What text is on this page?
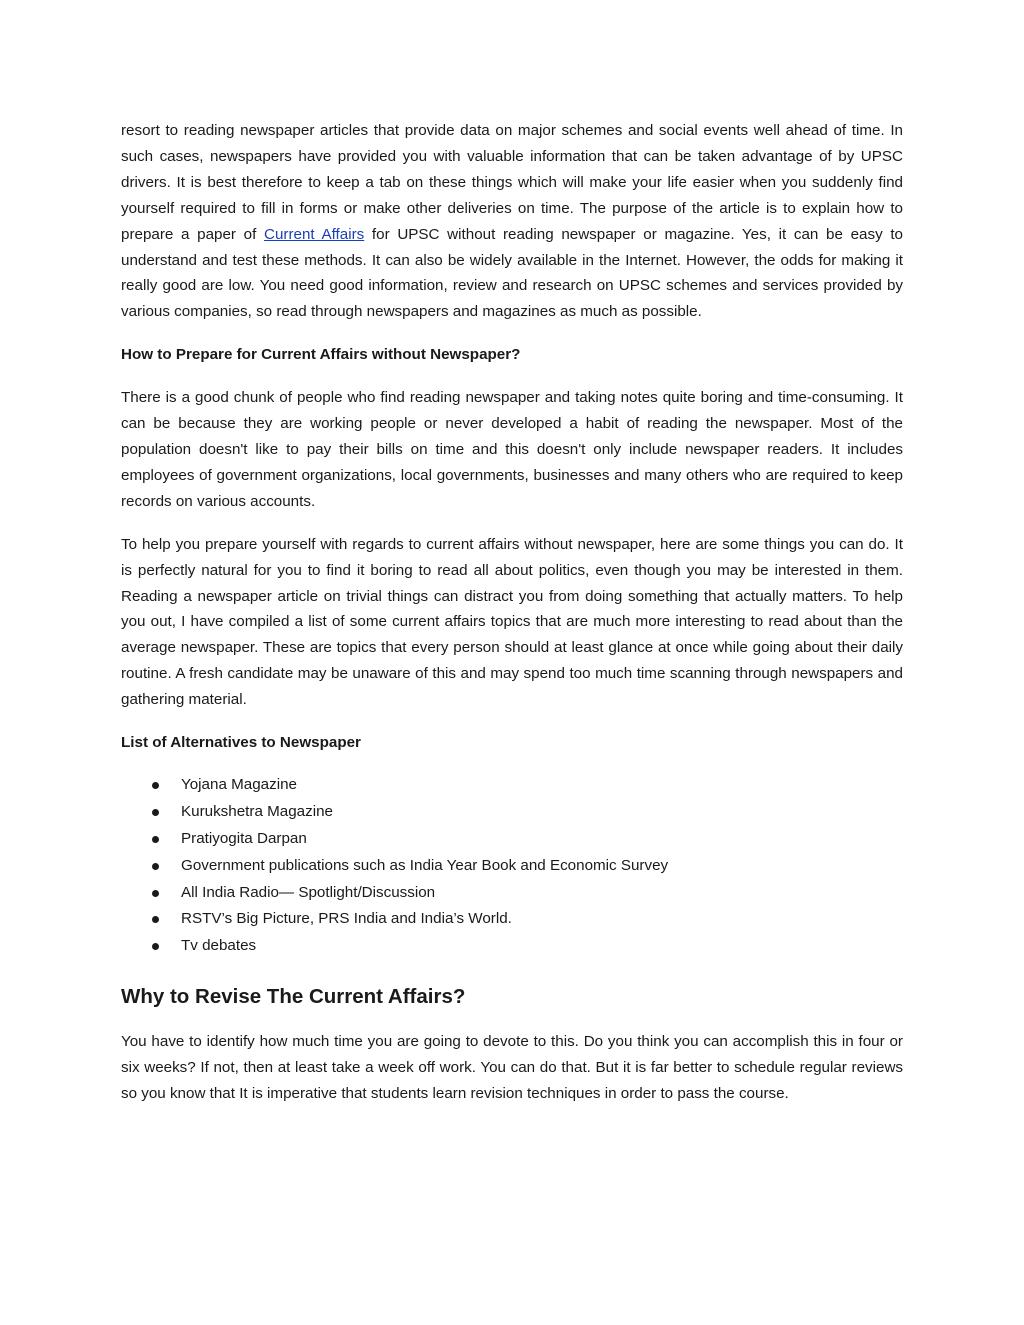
resort to reading newspaper articles that provide data on major schemes and social events well ahead of time. In such cases, newspapers have provided you with valuable information that can be taken advantage of by UPSC drivers. It is best therefore to keep a tab on these things which will make your life easier when you suddenly find yourself required to fill in forms or make other deliveries on time. The purpose of the article is to explain how to prepare a paper of Current Affairs for UPSC without reading newspaper or magazine. Yes, it can be easy to understand and test these methods. It can also be widely available in the Internet. However, the odds for making it really good are low. You need good information, review and research on UPSC schemes and services provided by various companies, so read through newspapers and magazines as much as possible.

How to Prepare for Current Affairs without Newspaper?

There is a good chunk of people who find reading newspaper and taking notes quite boring and time-consuming. It can be because they are working people or never developed a habit of reading the newspaper. Most of the population doesn't like to pay their bills on time and this doesn't only include newspaper readers. It includes employees of government organizations, local governments, businesses and many others who are required to keep records on various accounts.

To help you prepare yourself with regards to current affairs without newspaper, here are some things you can do. It is perfectly natural for you to find it boring to read all about politics, even though you may be interested in them. Reading a newspaper article on trivial things can distract you from doing something that actually matters. To help you out, I have compiled a list of some current affairs topics that are much more interesting to read about than the average newspaper. These are topics that every person should at least glance at once while going about their daily routine. A fresh candidate may be unaware of this and may spend too much time scanning through newspapers and gathering material.

List of Alternatives to Newspaper

Yojana Magazine
Kurukshetra Magazine
Pratiyogita Darpan
Government publications such as India Year Book and Economic Survey
All India Radio— Spotlight/Discussion
RSTV’s Big Picture, PRS India and India’s World.
Tv debates
Why to Revise The Current Affairs?

You have to identify how much time you are going to devote to this. Do you think you can accomplish this in four or six weeks? If not, then at least take a week off work. You can do that. But it is far better to schedule regular reviews so you know that It is imperative that students learn revision techniques in order to pass the course.
